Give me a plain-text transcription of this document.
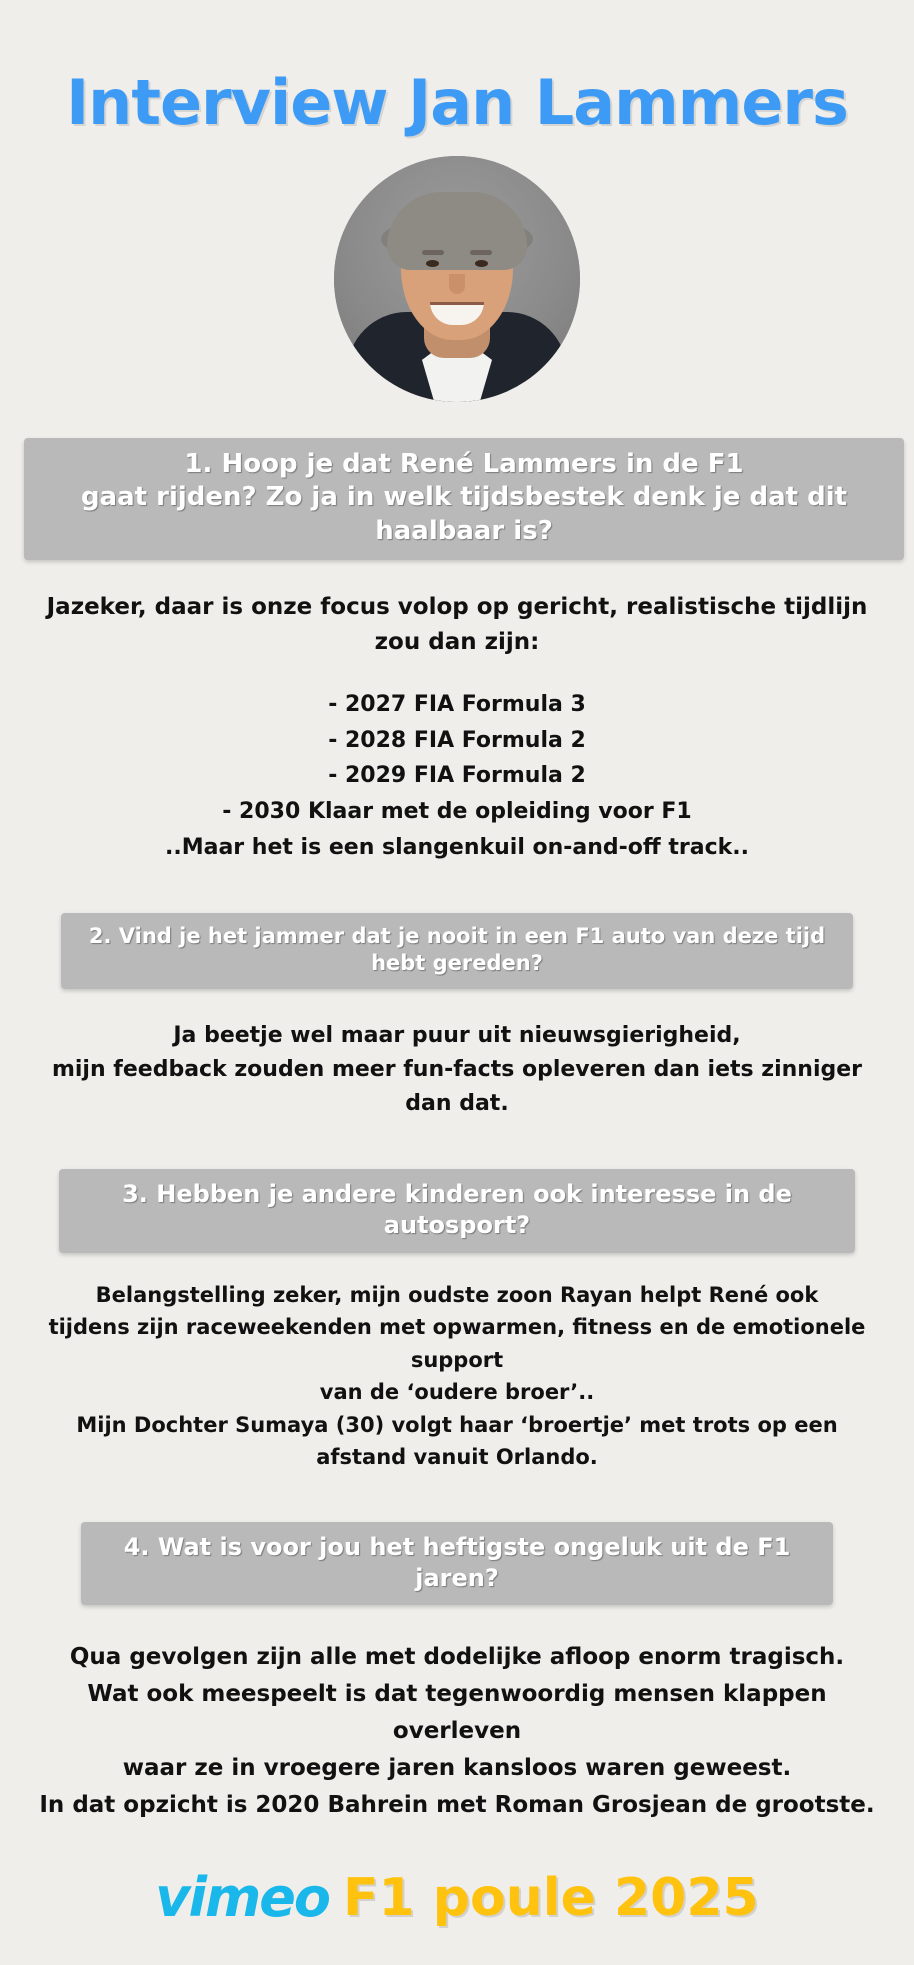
Interview Jan Lammers
1. Hoop je dat René Lammers in de F1
gaat rijden? Zo ja in welk tijdsbestek denk je dat dit haalbaar is?
Jazeker, daar is onze focus volop op gericht, realistische tijdlijn zou dan zijn:
- 2027 FIA Formula 3
- 2028 FIA Formula 2
- 2029 FIA Formula 2
- 2030 Klaar met de opleiding voor F1
..Maar het is een slangenkuil on-and-off track..
2. Vind je het jammer dat je nooit in een F1 auto van deze tijd hebt gereden?
Ja beetje wel maar puur uit nieuwsgierigheid,
mijn feedback zouden meer fun-facts opleveren dan iets zinniger dan dat.
3. Hebben je andere kinderen ook interesse in de autosport?
Belangstelling zeker, mijn oudste zoon Rayan helpt René ook
tijdens zijn raceweekenden met opwarmen, fitness en de emotionele support
van de ‘oudere broer’..
Mijn Dochter Sumaya (30) volgt haar ‘broertje’ met trots op een afstand vanuit Orlando.
4. Wat is voor jou het heftigste ongeluk uit de F1 jaren?
Qua gevolgen zijn alle met dodelijke afloop enorm tragisch.
Wat ook meespeelt is dat tegenwoordig mensen klappen overleven
waar ze in vroegere jaren kansloos waren geweest.
In dat opzicht is 2020 Bahrein met Roman Grosjean de grootste.
vimeo F1 poule 2025
